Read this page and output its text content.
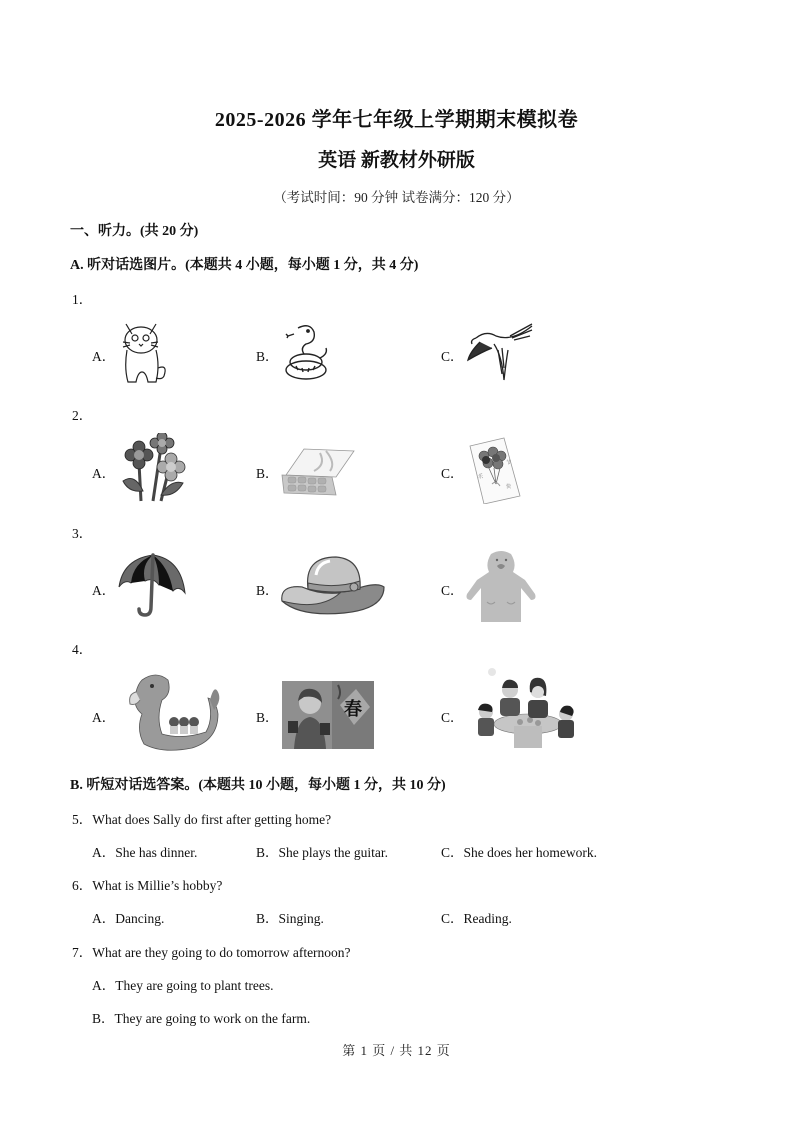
2025-2026 学年七年级上学期期末模拟卷
英语 新教材外研版
（考试时间：90 分钟 试卷满分：120 分）
一、听力。(共 20 分)
A. 听对话选图片。(本题共 4 小题，每小题 1 分，共 4 分)
1．
A．	B．	C．
2．
A．	B．	C．
节
乐
快
3．
A．	B．	C．
4．
A．	B．	春	C．
B. 听短对话选答案。(本题共 10 小题，每小题 1 分，共 10 分)
5．What does Sally do first after getting home?
A．She has dinner.	B．She plays the guitar.	C．She does her homework.
6．What is Millie’s hobby?
A．Dancing.	B．Singing.	C．Reading.
7．What are they going to do tomorrow afternoon?
A．They are going to plant trees.
B．They are going to work on the farm.
第 1 页 / 共 12 页
